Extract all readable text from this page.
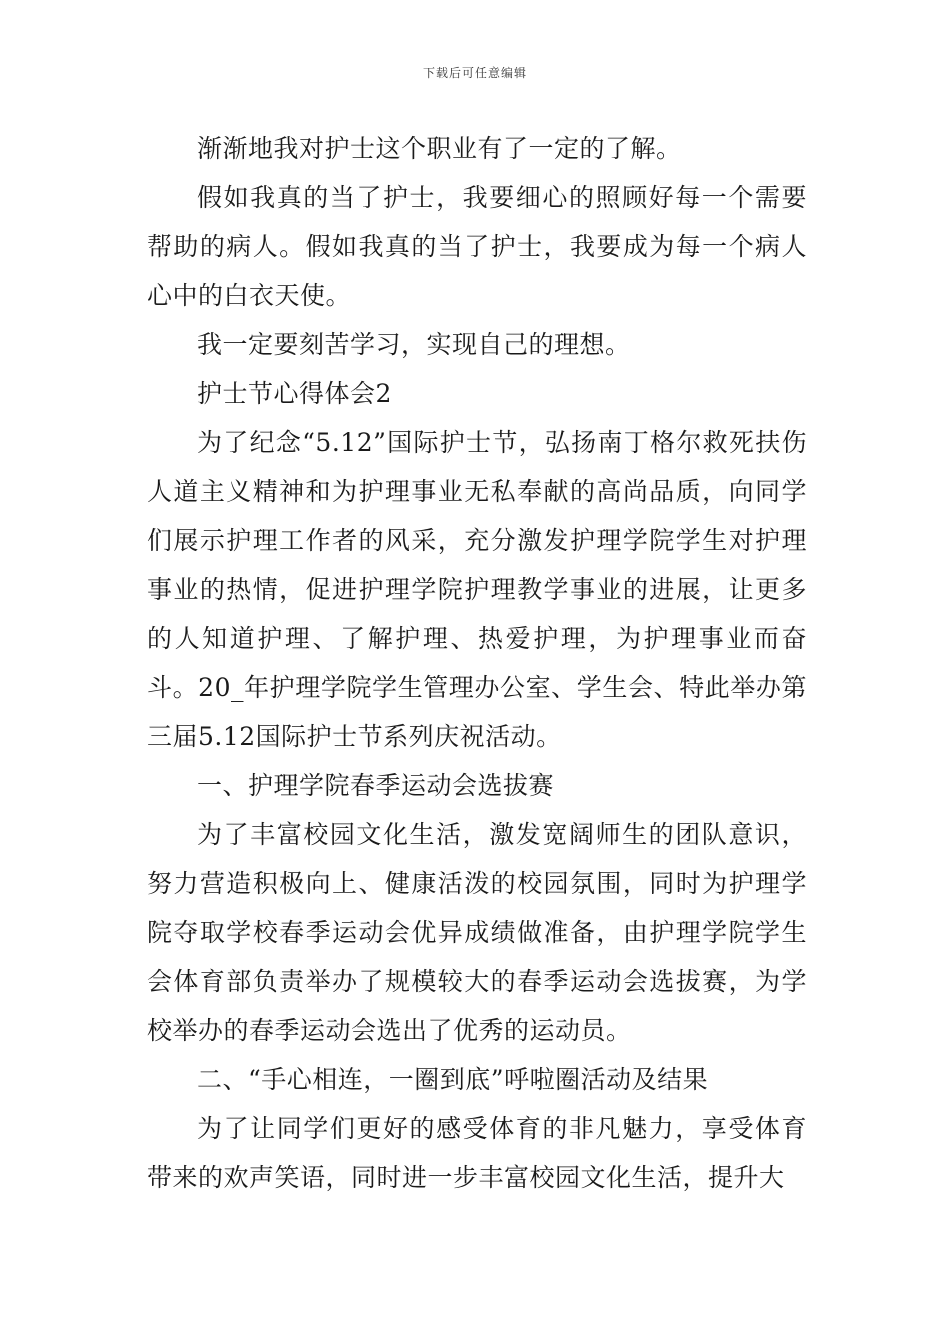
下载后可任意编辑

渐渐地我对护士这个职业有了一定的了解。

假如我真的当了护士，我要细心的照顾好每一个需要帮助的病人。假如我真的当了护士，我要成为每一个病人心中的白衣天使。

我一定要刻苦学习，实现自己的理想。

护士节心得体会2

为了纪念“5.12”国际护士节，弘扬南丁格尔救死扶伤人道主义精神和为护理事业无私奉献的高尚品质，向同学们展示护理工作者的风采，充分激发护理学院学生对护理事业的热情，促进护理学院护理教学事业的进展，让更多的人知道护理、了解护理、热爱护理，为护理事业而奋斗。20_年护理学院学生管理办公室、学生会、特此举办第三届5.12国际护士节系列庆祝活动。

一、护理学院春季运动会选拔赛

为了丰富校园文化生活，激发宽阔师生的团队意识，努力营造积极向上、健康活泼的校园氛围，同时为护理学院夺取学校春季运动会优异成绩做准备，由护理学院学生会体育部负责举办了规模较大的春季运动会选拔赛，为学校举办的春季运动会选出了优秀的运动员。

二、“手心相连，一圈到底”呼啦圈活动及结果

为了让同学们更好的感受体育的非凡魅力，享受体育带来的欢声笑语，同时进一步丰富校园文化生活，提升大
